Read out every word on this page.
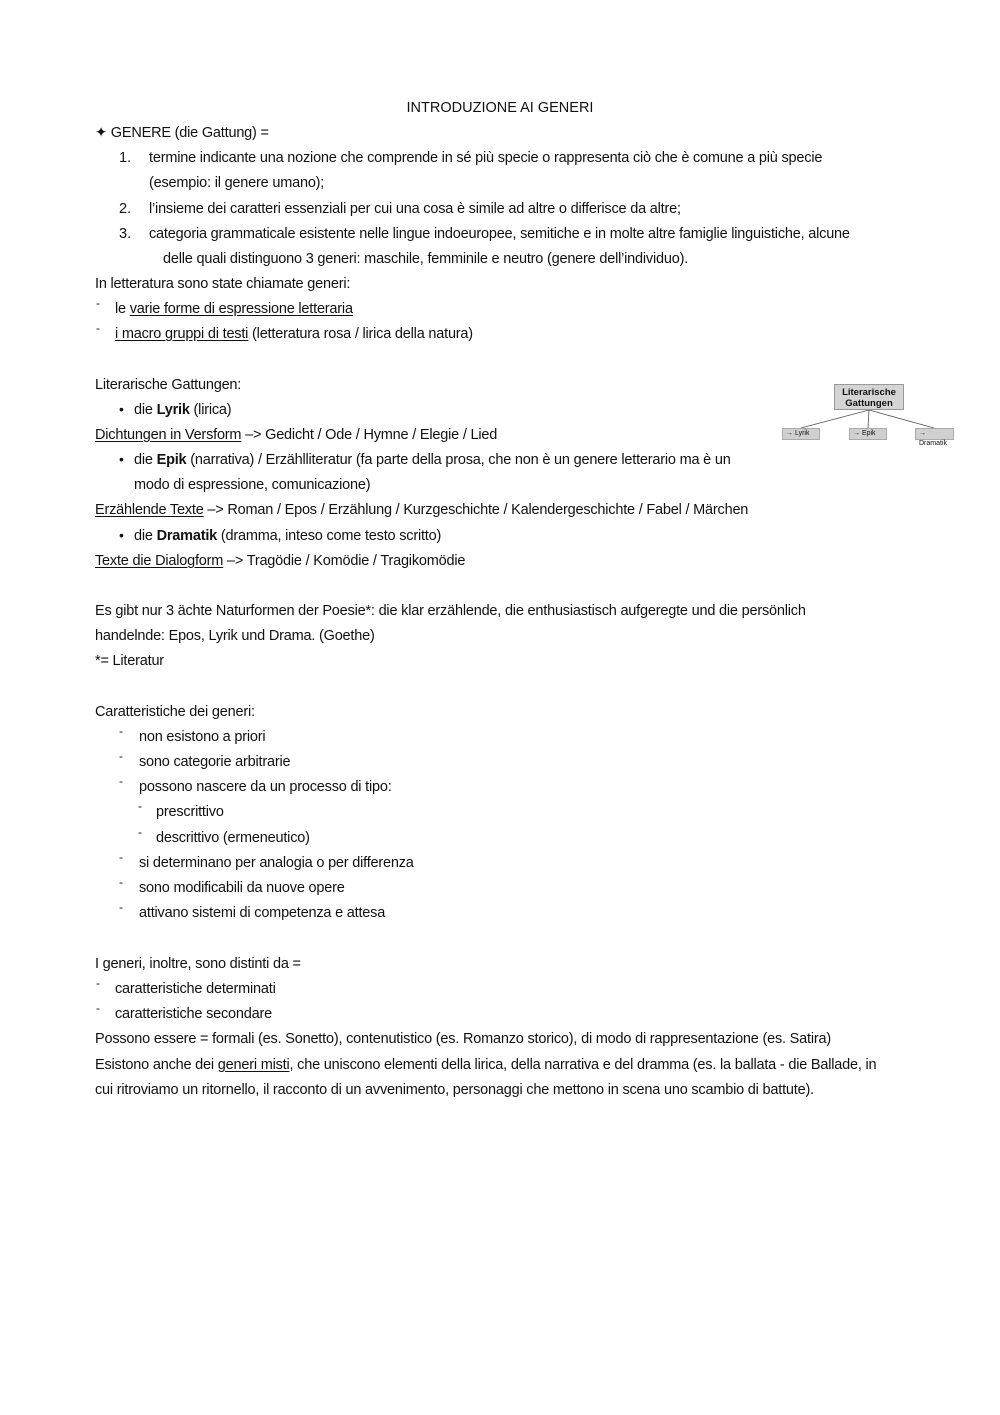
INTRODUZIONE AI GENERI
✦ GENERE (die Gattung) =
1. termine indicante una nozione che comprende in sé più specie o rappresenta ciò che è comune a più specie
(esempio: il genere umano);
2. l’insieme dei caratteri essenziali per cui una cosa è simile ad altre o differisce da altre;
3. categoria grammaticale esistente nelle lingue indoeuropee, semitiche e in molte altre famiglie linguistiche, alcune
delle quali distinguono 3 generi: maschile, femminile e neutro (genere dell’individuo).
In letteratura sono state chiamate generi:
- le varie forme di espressione letteraria
- i macro gruppi di testi (letteratura rosa / lirica della natura)
Literarische Gattungen:
• die Lyrik (lirica)
Dichtungen in Versform –> Gedicht / Ode / Hymne / Elegie / Lied
• die Epik (narrativa) / Erzählliteratur (fa parte della prosa, che non è un genere letterario ma è un
modo di espressione, comunicazione)
Erzählende Texte –> Roman / Epos / Erzählung / Kurzgeschichte / Kalendergeschichte / Fabel / Märchen
• die Dramatik (dramma, inteso come testo scritto)
Texte die Dialogform –> Tragödie / Komödie / Tragikomödie
Literarische
Gattungen
→ Lyrik	→ Epik	→ Dramatik
Es gibt nur 3 ächte Naturformen der Poesie*: die klar erzählende, die enthusiastisch aufgeregte und die persönlich
handelnde: Epos, Lyrik und Drama. (Goethe)
*= Literatur
Caratteristiche dei generi:
- non esistono a priori
- sono categorie arbitrarie
- possono nascere da un processo di tipo:
- prescrittivo
- descrittivo (ermeneutico)
- si determinano per analogia o per differenza
- sono modificabili da nuove opere
- attivano sistemi di competenza e attesa
I generi, inoltre, sono distinti da =
- caratteristiche determinati
- caratteristiche secondare
Possono essere = formali (es. Sonetto), contenutistico (es. Romanzo storico), di modo di rappresentazione (es. Satira)
Esistono anche dei generi misti, che uniscono elementi della lirica, della narrativa e del dramma (es. la ballata - die Ballade, in
cui ritroviamo un ritornello, il racconto di un avvenimento, personaggi che mettono in scena uno scambio di battute).
